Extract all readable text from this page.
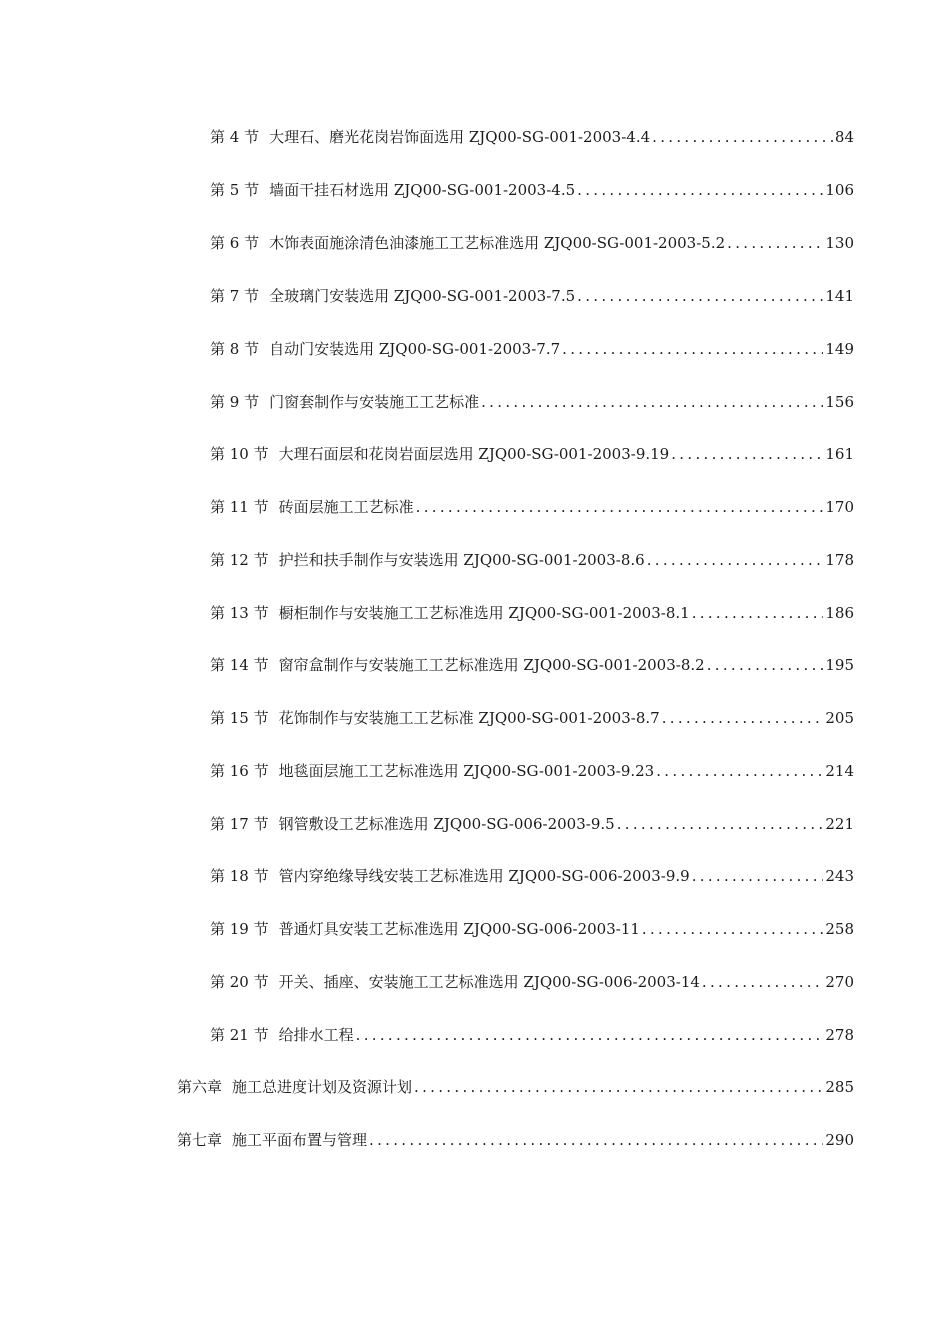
第 4 节 大理石、磨光花岗岩饰面选用 ZJQ00-SG-001-2003-4.4 .....	84
第 5 节 墙面干挂石材选用 ZJQ00-SG-001-2003-4.5 .....	106
第 6 节 木饰表面施涂清色油漆施工工艺标准选用 ZJQ00-SG-001-2003-5.2 .....	130
第 7 节 全玻璃门安装选用 ZJQ00-SG-001-2003-7.5 .....	141
第 8 节 自动门安装选用 ZJQ00-SG-001-2003-7.7 .....	149
第 9 节 门窗套制作与安装施工工艺标准 .....	156
第 10 节 大理石面层和花岗岩面层选用 ZJQ00-SG-001-2003-9.19 .....	161
第 11 节 砖面层施工工艺标准 .....	170
第 12 节 护拦和扶手制作与安装选用 ZJQ00-SG-001-2003-8.6 .....	178
第 13 节 橱柜制作与安装施工工艺标准选用 ZJQ00-SG-001-2003-8.1 .....	186
第 14 节 窗帘盒制作与安装施工工艺标准选用 ZJQ00-SG-001-2003-8.2 .....	195
第 15 节 花饰制作与安装施工工艺标准 ZJQ00-SG-001-2003-8.7 .....	205
第 16 节 地毯面层施工工艺标准选用 ZJQ00-SG-001-2003-9.23 .....	214
第 17 节 钢管敷设工艺标准选用 ZJQ00-SG-006-2003-9.5 .....	221
第 18 节 管内穿绝缘导线安装工艺标准选用 ZJQ00-SG-006-2003-9.9 .....	243
第 19 节 普通灯具安装工艺标准选用 ZJQ00-SG-006-2003-11 .....	258
第 20 节 开关、插座、安装施工工艺标准选用 ZJQ00-SG-006-2003-14 .....	270
第 21 节 给排水工程 .....	278
第六章 施工总进度计划及资源计划 .....	285
第七章 施工平面布置与管理 .....	290
